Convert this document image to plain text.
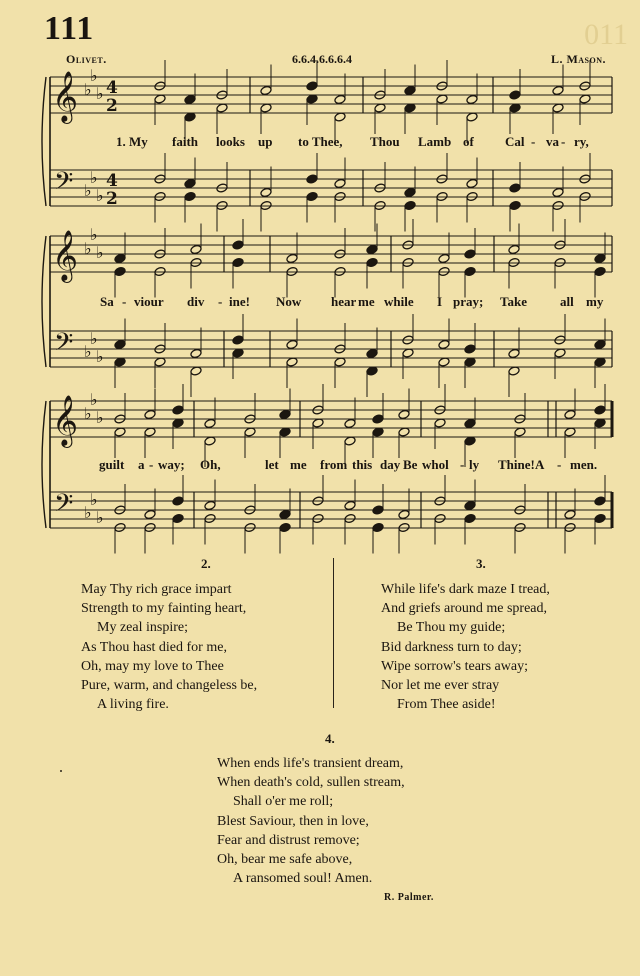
111	011
Olivet.	6.6.4.6.6.6.4	L. Mason.
𝄞
𝄢
♭
♭
♭
♭
♭
♭
4
2
4
2
𝄞
𝄢
♭
♭
♭
♭
♭
♭
𝄞
𝄢
♭
♭
♭
♭
♭
♭
1. My faith looks up to Thee, Thou Lamb of Cal - va - ry,
Sa - viour div - ine! Now hear me while I pray; Take	all my
guilt a - way; Oh,	let me from this day Be whol - ly Thine! A - men.
2.
May Thy rich grace impart
Strength to my fainting heart,
My zeal inspire;
As Thou hast died for me,
Oh, may my love to Thee
Pure, warm, and changeless be,
A living fire.
3.
While life's dark maze I tread,
And griefs around me spread,
Be Thou my guide;
Bid darkness turn to day;
Wipe sorrow's tears away;
Nor let me ever stray
From Thee aside!
4.
When ends life's transient dream,
When death's cold, sullen stream,
Shall o'er me roll;
Blest Saviour, then in love,
Fear and distrust remove;
Oh, bear me safe above,
A ransomed soul! Amen.
R. Palmer.
